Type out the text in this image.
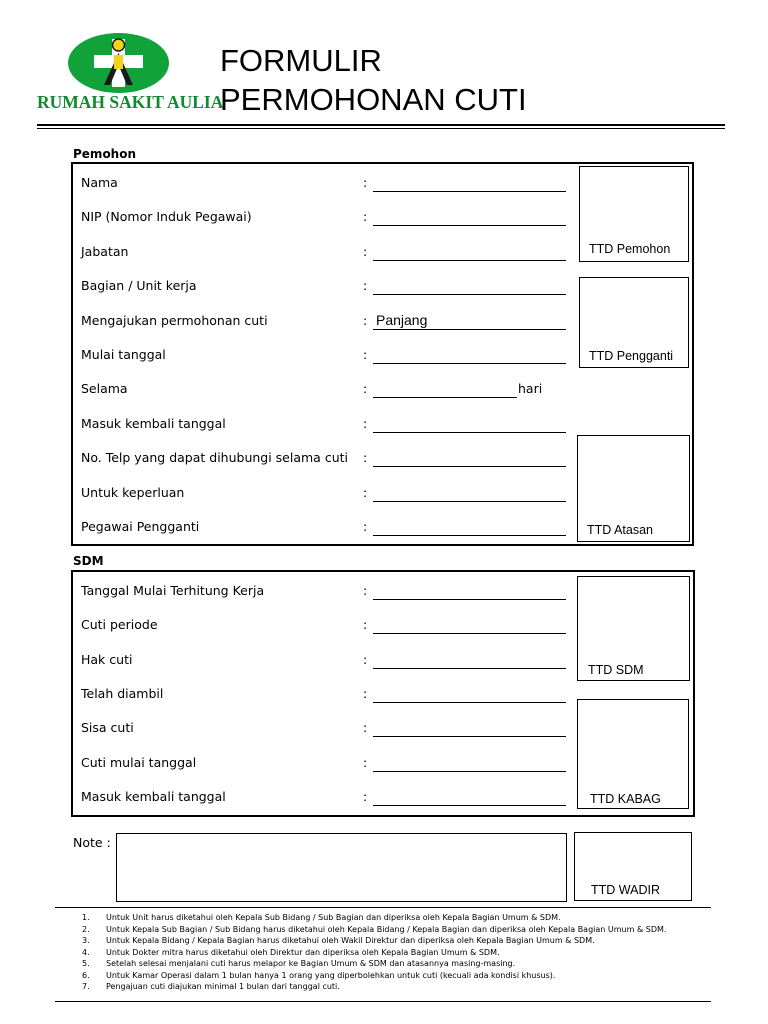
RUMAH SAKIT AULIA
FORMULIR
PERMOHONAN CUTI
Pemohon
Nama	:
NIP (Nomor Induk Pegawai)	:
Jabatan	:
Bagian / Unit kerja	:
Mengajukan permohonan cuti	: Panjang
Mulai tanggal	:
Selama	:	hari
Masuk kembali tanggal	:
No. Telp yang dapat dihubungi selama cuti :
Untuk keperluan	:
Pegawai Pengganti	:
TTD Pemohon
TTD Pengganti
TTD Atasan
SDM
Tanggal Mulai Terhitung Kerja	:
Cuti periode	:
Hak cuti	:
Telah diambil	:
Sisa cuti	:
Cuti mulai tanggal	:
Masuk kembali tanggal	:
TTD SDM
TTD KABAG
Note :
TTD WADIR
1. Untuk Unit harus diketahui oleh Kepala Sub Bidang / Sub Bagian dan diperiksa oleh Kepala Bagian Umum & SDM.
2. Untuk Kepala Sub Bagian / Sub Bidang harus diketahui oleh Kepala Bidang / Kepala Bagian dan diperiksa oleh Kepala Bagian Umum & SDM.
3. Untuk Kepala Bidang / Kepala Bagian harus diketahui oleh Wakil Direktur dan diperiksa oleh Kepala Bagian Umum & SDM.
4. Untuk Dokter mitra harus diketahui oleh Direktur dan diperiksa oleh Kepala Bagian Umum & SDM.
5. Setelah selesai menjalani cuti harus melapor ke Bagian Umum & SDM dan atasannya masing-masing.
6. Untuk Kamar Operasi dalam 1 bulan hanya 1 orang yang diperbolehkan untuk cuti (kecuali ada kondisi khusus).
7. Pengajuan cuti diajukan minimal 1 bulan dari tanggal cuti.
